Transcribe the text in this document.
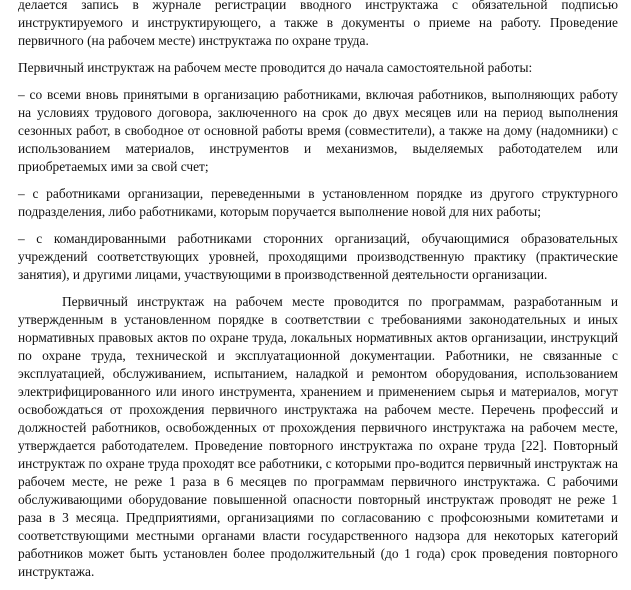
делается запись в журнале регистрации вводного инструктажа с обязательной подписью инструктируемого и инструктирующего, а также в документы о приеме на работу. Проведение первичного (на рабочем месте) инструктажа по охране труда.

Первичный инструктаж на рабочем месте проводится до начала самостоятельной работы:

– со всеми вновь принятыми в организацию работниками, включая работников, выполняющих работу на условиях трудового договора, заключенного на срок до двух месяцев или на период выполнения сезонных работ, в свободное от основной работы время (совместители), а также на дому (надомники) с использованием материалов, инструментов и механизмов, выделяемых работодателем или приобретаемых ими за свой счет;

– с работниками организации, переведенными в установленном порядке из другого структурного подразделения, либо работниками, которым поручается выполнение новой для них работы;

– с командированными работниками сторонних организаций, обучающимися образовательных учреждений соответствующих уровней, проходящими производственную практику (практические занятия), и другими лицами, участвующими в производственной деятельности организации.

Первичный инструктаж на рабочем месте проводится по программам, разработанным и утвержденным в установленном порядке в соответствии с требованиями законодательных и иных нормативных правовых актов по охране труда, локальных нормативных актов организации, инструкций по охране труда, технической и эксплуатационной документации. Работники, не связанные с эксплуатацией, обслуживанием, испытанием, наладкой и ремонтом оборудования, использованием электрифицированного или иного инструмента, хранением и применением сырья и материалов, могут освобождаться от прохождения первичного инструктажа на рабочем месте. Перечень профессий и должностей работников, освобожденных от прохождения первичного инструктажа на рабочем месте, утверждается работодателем. Проведение повторного инструктажа по охране труда [22]. Повторный инструктаж по охране труда проходят все работники, с которыми про-водится первичный инструктаж на рабочем месте, не реже 1 раза в 6 месяцев по программам первичного инструктажа. С рабочими обслуживающими оборудование повышенной опасности повторный инструктаж проводят не реже 1 раза в 3 месяца. Предприятиями, организациями по согласованию с профсоюзными комитетами и соответствующими местными органами власти государственного надзора для некоторых категорий работников может быть установлен более продолжительный (до 1 года) срок проведения повторного инструктажа.
